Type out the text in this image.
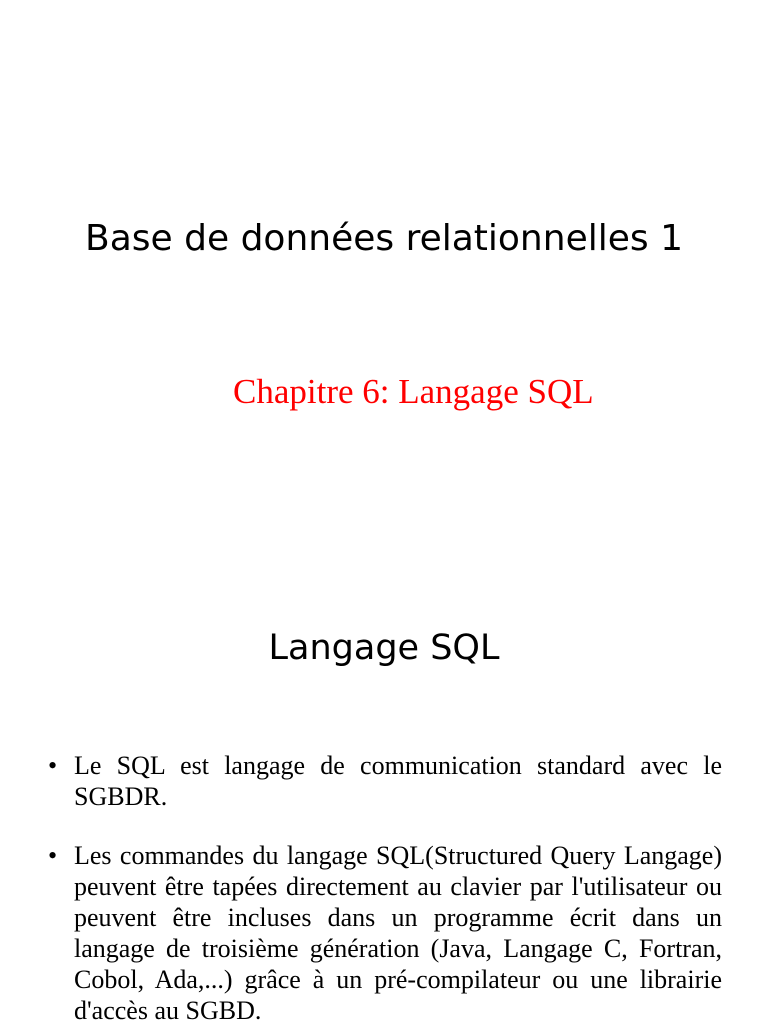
Base de données relationnelles 1
Chapitre 6: Langage SQL
Langage SQL
• Le SQL est langage de communication standard avec le SGBDR.
• Les commandes du langage SQL(Structured Query Langage) peuvent être tapées directement au clavier par l'utilisateur ou peuvent être incluses dans un programme écrit dans un langage de troisième génération (Java, Langage C, Fortran, Cobol, Ada,...) grâce à un pré-compilateur ou une librairie d'accès au SGBD.
